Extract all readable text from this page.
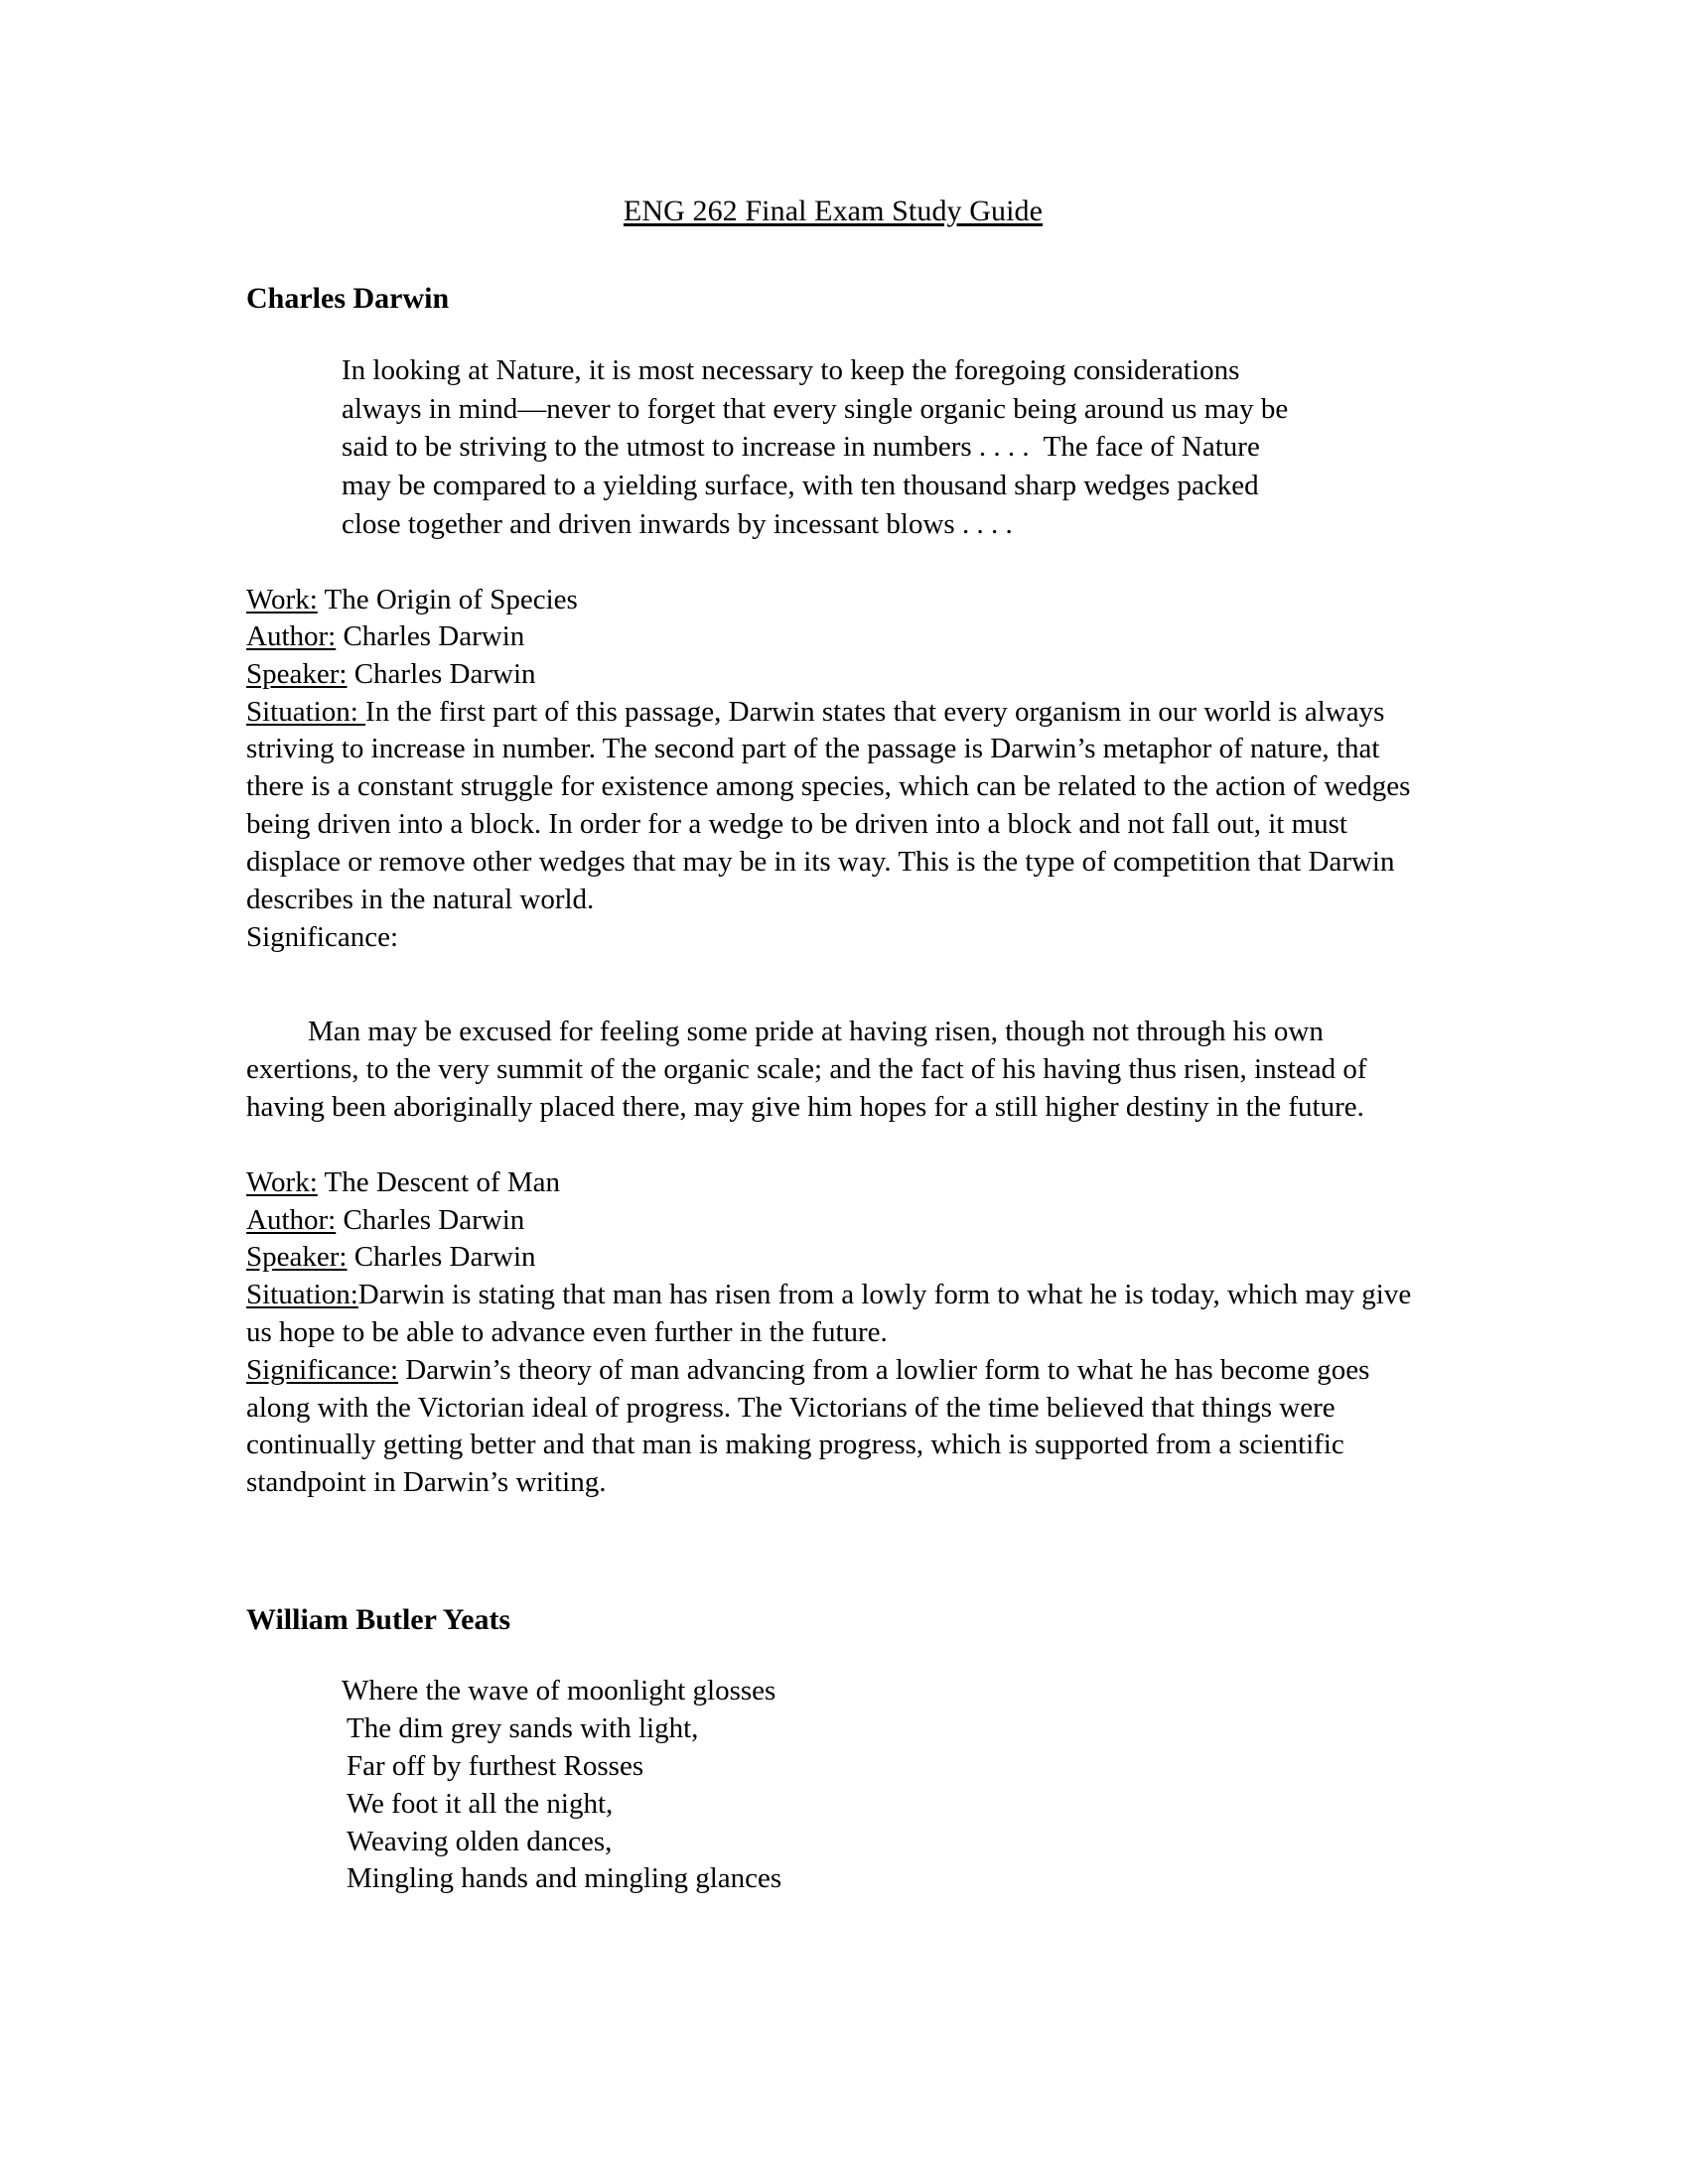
ENG 262 Final Exam Study Guide
Charles Darwin
In looking at Nature, it is most necessary to keep the foregoing considerations
always in mind—never to forget that every single organic being around us may be
said to be striving to the utmost to increase in numbers . . . .  The face of Nature
may be compared to a yielding surface, with ten thousand sharp wedges packed
close together and driven inwards by incessant blows . . . .
Work: The Origin of Species
Author: Charles Darwin
Speaker: Charles Darwin
Situation: In the first part of this passage, Darwin states that every organism in our world is always striving to increase in number. The second part of the passage is Darwin’s metaphor of nature, that there is a constant struggle for existence among species, which can be related to the action of wedges being driven into a block. In order for a wedge to be driven into a block and not fall out, it must displace or remove other wedges that may be in its way. This is the type of competition that Darwin describes in the natural world.
Significance:
Man may be excused for feeling some pride at having risen, though not through his own exertions, to the very summit of the organic scale; and the fact of his having thus risen, instead of having been aboriginally placed there, may give him hopes for a still higher destiny in the future.
Work: The Descent of Man
Author: Charles Darwin
Speaker: Charles Darwin
Situation:Darwin is stating that man has risen from a lowly form to what he is today, which may give us hope to be able to advance even further in the future.
Significance: Darwin’s theory of man advancing from a lowlier form to what he has become goes along with the Victorian ideal of progress. The Victorians of the time believed that things were continually getting better and that man is making progress, which is supported from a scientific standpoint in Darwin’s writing.
William Butler Yeats
Where the wave of moonlight glosses
The dim grey sands with light,
Far off by furthest Rosses
We foot it all the night,
Weaving olden dances,
Mingling hands and mingling glances
